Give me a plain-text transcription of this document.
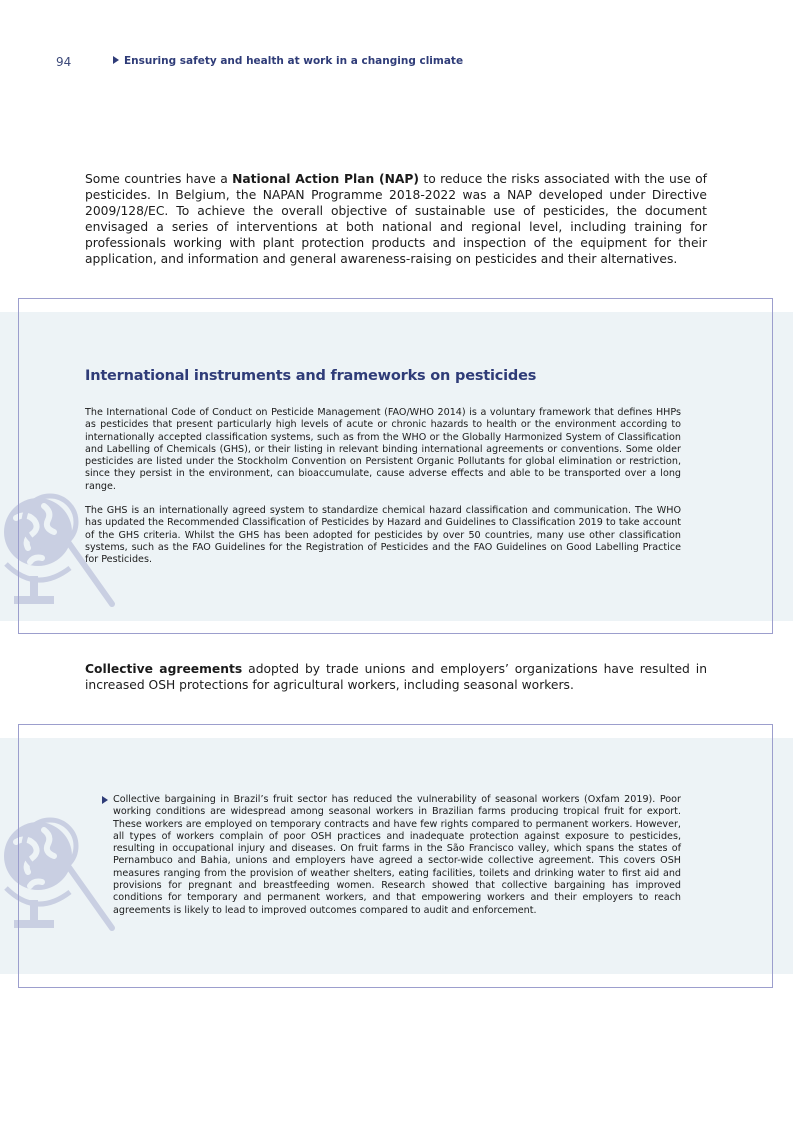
94	Ensuring safety and health at work in a changing climate

Some countries have a National Action Plan (NAP) to reduce the risks associated with the use of pesticides. In Belgium, the NAPAN Programme 2018-2022 was a NAP developed under Directive 2009/128/EC. To achieve the overall objective of sustainable use of pesticides, the document envisaged a series of interventions at both national and regional level, including training for professionals working with plant protection products and inspection of the equipment for their application, and information and general awareness-raising on pesticides and their alternatives.

International instruments and frameworks on pesticides

The International Code of Conduct on Pesticide Management (FAO/WHO 2014) is a voluntary framework that defines HHPs as pesticides that present particularly high levels of acute or chronic hazards to health or the environment according to internationally accepted classification systems, such as from the WHO or the Globally Harmonized System of Classification and Labelling of Chemicals (GHS), or their listing in relevant binding international agreements or conventions. Some older pesticides are listed under the Stockholm Convention on Persistent Organic Pollutants for global elimination or restriction, since they persist in the environment, can bioaccumulate, cause adverse effects and able to be transported over a long range.

The GHS is an internationally agreed system to standardize chemical hazard classification and communication. The WHO has updated the Recommended Classification of Pesticides by Hazard and Guidelines to Classification 2019 to take account of the GHS criteria. Whilst the GHS has been adopted for pesticides by over 50 countries, many use other classification systems, such as the FAO Guidelines for the Registration of Pesticides and the FAO Guidelines on Good Labelling Practice for Pesticides.

Collective agreements adopted by trade unions and employers’ organizations have resulted in increased OSH protections for agricultural workers, including seasonal workers.

Collective bargaining in Brazil’s fruit sector has reduced the vulnerability of seasonal workers (Oxfam 2019). Poor working conditions are widespread among seasonal workers in Brazilian farms producing tropical fruit for export. These workers are employed on temporary contracts and have few rights compared to permanent workers. However, all types of workers complain of poor OSH practices and inadequate protection against exposure to pesticides, resulting in occupational injury and diseases. On fruit farms in the São Francisco valley, which spans the states of Pernambuco and Bahia, unions and employers have agreed a sector-wide collective agreement. This covers OSH measures ranging from the provision of weather shelters, eating facilities, toilets and drinking water to first aid and provisions for pregnant and breastfeeding women. Research showed that collective bargaining has improved conditions for temporary and permanent workers, and that empowering workers and their employers to reach agreements is likely to lead to improved outcomes compared to audit and enforcement.
